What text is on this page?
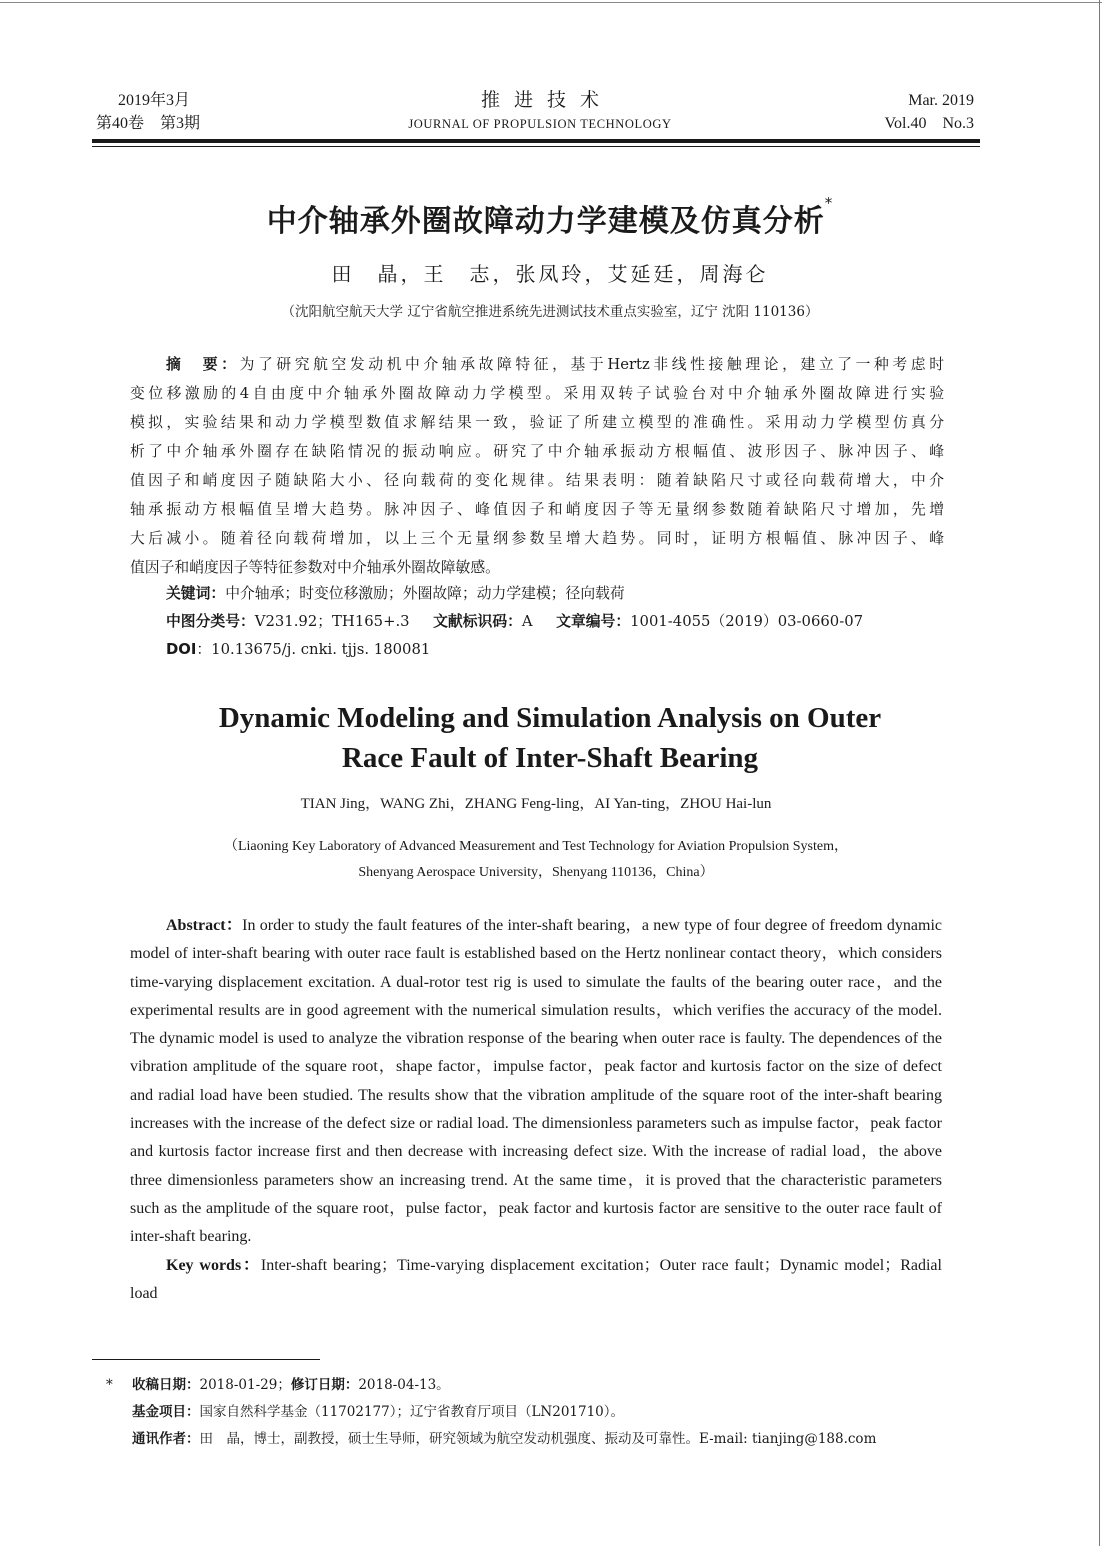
2019年3月
第40卷　第3期
推进技术
JOURNAL OF PROPULSION TECHNOLOGY
Mar. 2019
Vol.40　No.3
中介轴承外圈故障动力学建模及仿真分析*
田　晶，王　志，张凤玲，艾延廷，周海仑
（沈阳航空航天大学 辽宁省航空推进系统先进测试技术重点实验室，辽宁 沈阳 110136）
摘　要：为了研究航空发动机中介轴承故障特征，基于Hertz非线性接触理论，建立了一种考虑时
变位移激励的4自由度中介轴承外圈故障动力学模型。采用双转子试验台对中介轴承外圈故障进行实验
模拟，实验结果和动力学模型数值求解结果一致，验证了所建立模型的准确性。采用动力学模型仿真分
析了中介轴承外圈存在缺陷情况的振动响应。研究了中介轴承振动方根幅值、波形因子、脉冲因子、峰
值因子和峭度因子随缺陷大小、径向载荷的变化规律。结果表明：随着缺陷尺寸或径向载荷增大，中介
轴承振动方根幅值呈增大趋势。脉冲因子、峰值因子和峭度因子等无量纲参数随着缺陷尺寸增加，先增
大后减小。随着径向载荷增加，以上三个无量纲参数呈增大趋势。同时，证明方根幅值、脉冲因子、峰
值因子和峭度因子等特征参数对中介轴承外圈故障敏感。
关键词：中介轴承；时变位移激励；外圈故障；动力学建模；径向载荷
中图分类号：V231.92；TH165+.3 文献标识码：A 文章编号：1001-4055（2019）03-0660-07
DOI：10.13675/j. cnki. tjjs. 180081
Dynamic Modeling and Simulation Analysis on Outer
Race Fault of Inter-Shaft Bearing
TIAN Jing，WANG Zhi，ZHANG Feng-ling，AI Yan-ting，ZHOU Hai-lun
（Liaoning Key Laboratory of Advanced Measurement and Test Technology for Aviation Propulsion System，
Shenyang Aerospace University，Shenyang 110136，China）

Abstract：In order to study the fault features of the inter-shaft bearing，a new type of four degree of freedom dynamic model of inter-shaft bearing with outer race fault is established based on the Hertz nonlinear contact theory，which considers time-varying displacement excitation. A dual-rotor test rig is used to simulate the faults of the bearing outer race，and the experimental results are in good agreement with the numerical simulation results，which verifies the accuracy of the model. The dynamic model is used to analyze the vibration response of the bearing when outer race is faulty. The dependences of the vibration amplitude of the square root，shape factor，impulse factor，peak factor and kurtosis factor on the size of defect and radial load have been studied. The results show that the vibration amplitude of the square root of the inter-shaft bearing increases with the increase of the defect size or radial load. The dimensionless parameters such as impulse factor，peak factor and kurtosis factor increase first and then decrease with increasing defect size. With the increase of radial load，the above three dimensionless parameters show an increasing trend. At the same time，it is proved that the characteristic parameters such as the amplitude of the square root，pulse factor，peak factor and kurtosis factor are sensitive to the outer race fault of inter-shaft bearing.

Key words：Inter-shaft bearing；Time-varying displacement excitation；Outer race fault；Dynamic model；Radial load

* 收稿日期：2018-01-29；修订日期：2018-04-13。
基金项目：国家自然科学基金（11702177）；辽宁省教育厅项目（LN201710）。
通讯作者：田　晶，博士，副教授，硕士生导师，研究领域为航空发动机强度、振动及可靠性。E-mail: tianjing@188.com
